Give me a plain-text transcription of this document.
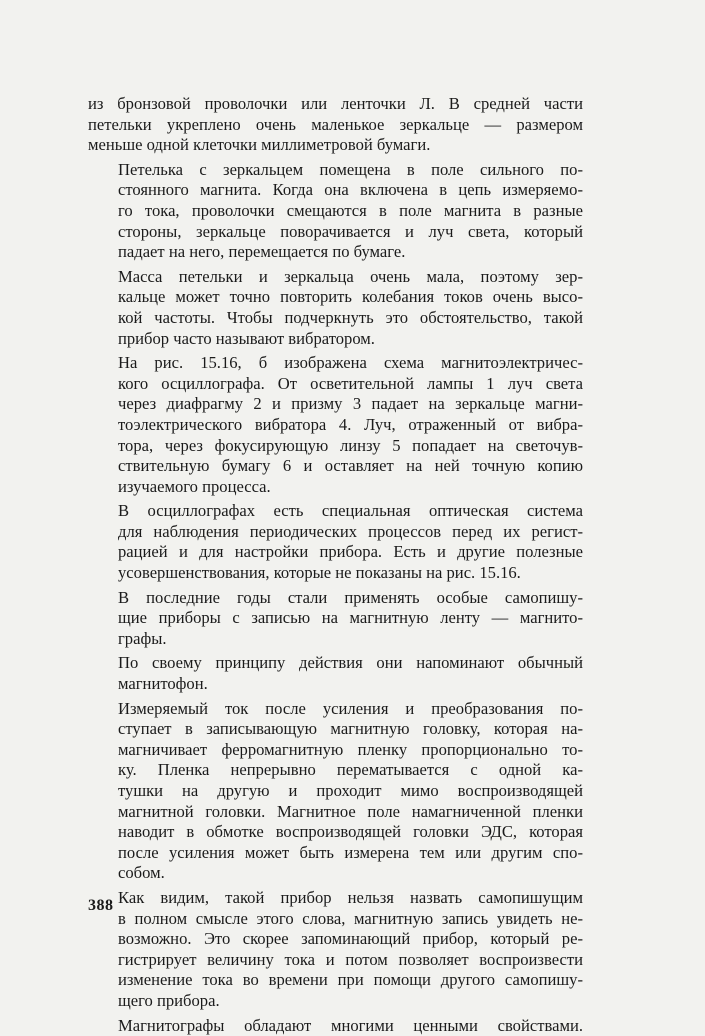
из бронзовой проволочки или ленточки Л. В средней части
петельки укреплено очень маленькое зеркальце — размером
меньше одной клеточки миллиметровой бумаги.

Петелька с зеркальцем помещена в поле сильного по-
стоянного магнита. Когда она включена в цепь измеряемо-
го тока, проволочки смещаются в поле магнита в разные
стороны, зеркальце поворачивается и луч света, который
падает на него, перемещается по бумаге.

Масса петельки и зеркальца очень мала, поэтому зер-
кальце может точно повторить колебания токов очень высо-
кой частоты. Чтобы подчеркнуть это обстоятельство, такой
прибор часто называют вибратором.

На рис. 15.16, б изображена схема магнитоэлектричес-
кого осциллографа. От осветительной лампы 1 луч света
через диафрагму 2 и призму 3 падает на зеркальце магни-
тоэлектрического вибратора 4. Луч, отраженный от вибра-
тора, через фокусирующую линзу 5 попадает на светочув-
ствительную бумагу 6 и оставляет на ней точную копию
изучаемого процесса.

В осциллографах есть специальная оптическая система
для наблюдения периодических процессов перед их регист-
рацией и для настройки прибора. Есть и другие полезные
усовершенствования, которые не показаны на рис. 15.16.

В последние годы стали применять особые самопишу-
щие приборы с записью на магнитную ленту — магнито-
графы.

По своему принципу действия они напоминают обычный
магнитофон.

Измеряемый ток после усиления и преобразования по-
ступает в записывающую магнитную головку, которая на-
магничивает ферромагнитную пленку пропорционально то-
ку. Пленка непрерывно перематывается с одной ка-
тушки на другую и проходит мимо воспроизводящей
магнитной головки. Магнитное поле намагниченной пленки
наводит в обмотке воспроизводящей головки ЭДС, которая
после усиления может быть измерена тем или другим спо-
собом.

Как видим, такой прибор нельзя назвать самопишущим
в полном смысле этого слова, магнитную запись увидеть не-
возможно. Это скорее запоминающий прибор, который ре-
гистрирует величину тока и потом позволяет воспроизвести
изменение тока во времени при помощи другого самопишу-
щего прибора.

Магнитографы обладают многими ценными свойствами.

388
